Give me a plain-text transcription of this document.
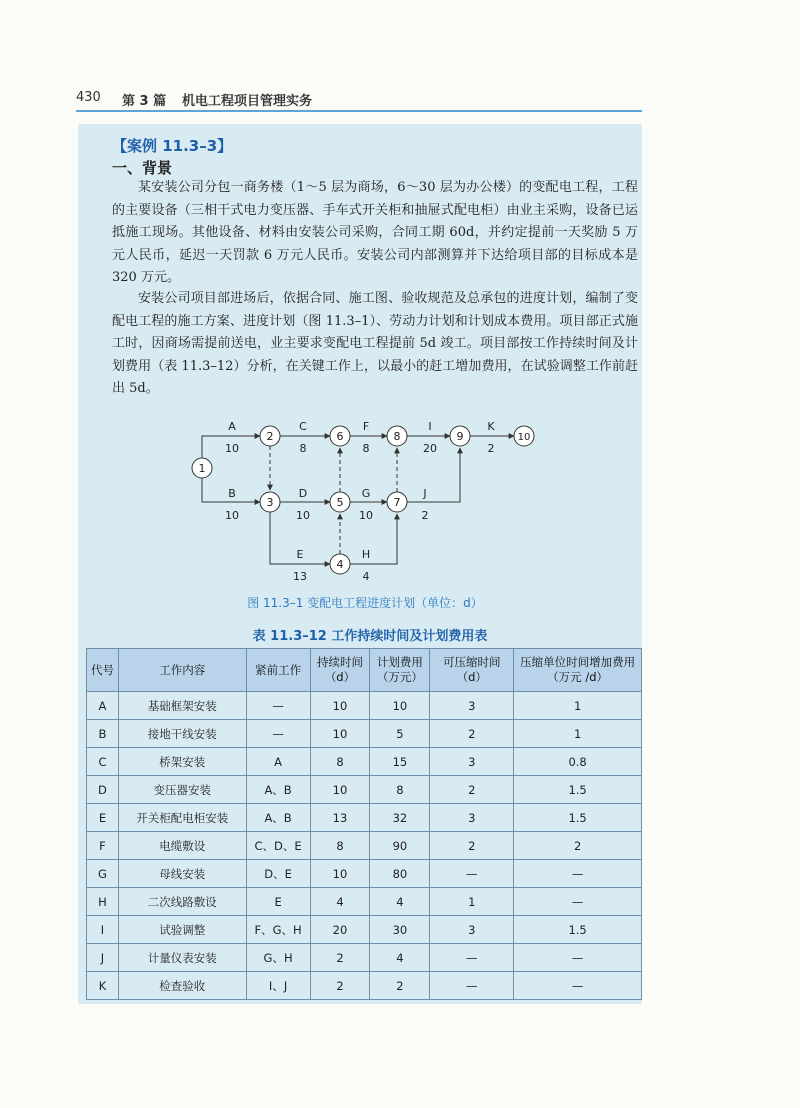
430 第 3 篇 机电工程项目管理实务
【案例 11.3–3】
一、背景

某安装公司分包一商务楼（1～5 层为商场，6～30 层为办公楼）的变配电工程，工程的主要设备（三相干式电力变压器、手车式开关柜和抽屉式配电柜）由业主采购，设备已运抵施工现场。其他设备、材料由安装公司采购，合同工期 60d，并约定提前一天奖励 5 万元人民币，延迟一天罚款 6 万元人民币。安装公司内部测算并下达给项目部的目标成本是 320 万元。

安装公司项目部进场后，依据合同、施工图、验收规范及总承包的进度计划，编制了变配电工程的施工方案、进度计划（图 11.3–1）、劳动力计划和计划成本费用。项目部正式施工时，因商场需提前送电，业主要求变配电工程提前 5d 竣工。项目部按工作持续时间及计划费用（表 11.3–12）分析，在关键工作上，以最小的赶工增加费用，在试验调整工作前赶出 5d。

1
2
3
4
5
6
7
8	9	10
A
10
B
10
C
8
D
10
E
13
F
8
G
10
H
4
I
20
J
2
K
2
图 11.3–1 变配电工程进度计划（单位：d）
表 11.3–12 工作持续时间及计划费用表
代号	工作内容	紧前工作	持续时间（d）	计划费用（万元）	可压缩时间（d）	压缩单位时间增加费用（万元 /d）
A	基础框架安装	—	10	10	3	1
B	接地干线安装	—	10	5	2	1
C	桥架安装	A	8	15	3	0.8
D	变压器安装	A、B	10	8	2	1.5
E	开关柜配电柜安装	A、B	13	32	3	1.5
F	电缆敷设	C、D、E	8	90	2	2
G	母线安装	D、E	10	80	—	—
H	二次线路敷设	E	4	4	1	—
I	试验调整	F、G、H	20	30	3	1.5
J	计量仪表安装	G、H	2	4	—	—
K	检查验收	I、J	2	2	—	—
